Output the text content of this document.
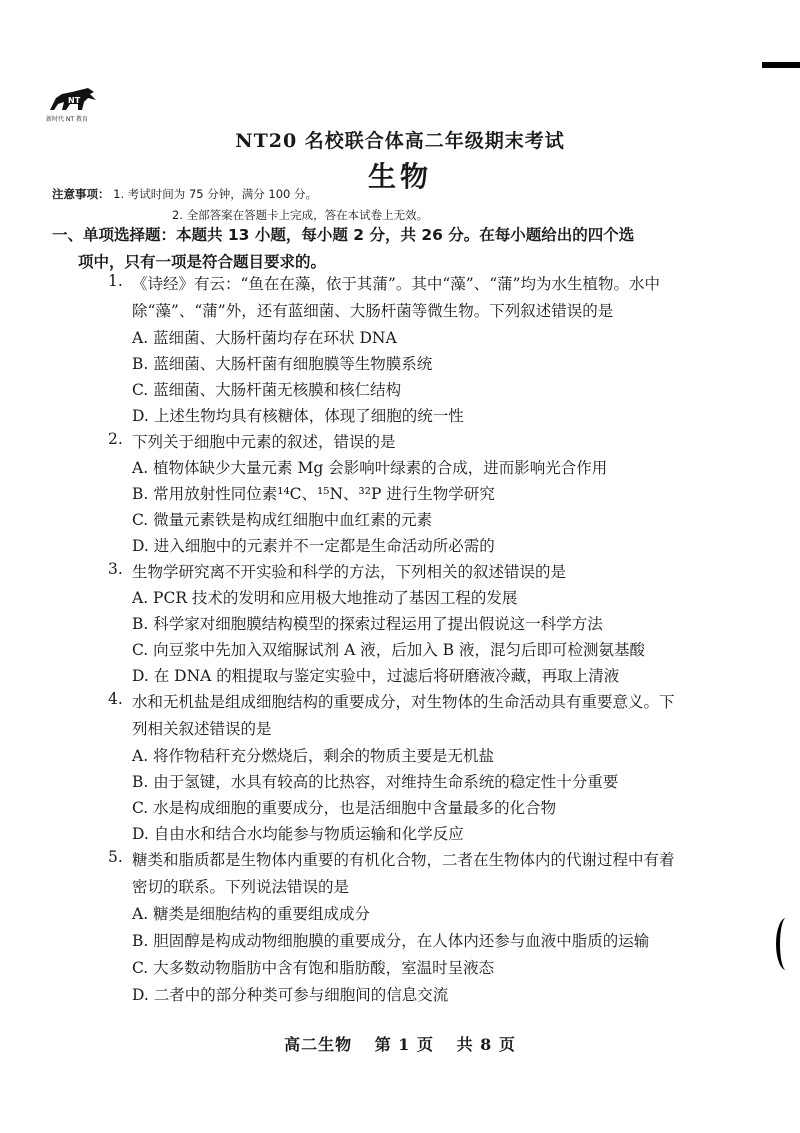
NT
新时代 NT 教育
NT20 名校联合体高二年级期末考试
生物
注意事项： 1. 考试时间为 75 分钟，满分 100 分。
2. 全部答案在答题卡上完成，答在本试卷上无效。
一、单项选择题：本题共 13 小题，每小题 2 分，共 26 分。在每小题给出的四个选
项中，只有一项是符合题目要求的。
1. 《诗经》有云：“鱼在在藻，依于其蒲”。其中“藻”、“蒲”均为水生植物。水中
除“藻”、“蒲”外，还有蓝细菌、大肠杆菌等微生物。下列叙述错误的是
A. 蓝细菌、大肠杆菌均存在环状 DNA
B. 蓝细菌、大肠杆菌有细胞膜等生物膜系统
C. 蓝细菌、大肠杆菌无核膜和核仁结构
D. 上述生物均具有核糖体，体现了细胞的统一性
2. 下列关于细胞中元素的叙述，错误的是
A. 植物体缺少大量元素 Mg 会影响叶绿素的合成，进而影响光合作用
B. 常用放射性同位素¹⁴C、¹⁵N、³²P 进行生物学研究
C. 微量元素铁是构成红细胞中血红素的元素
D. 进入细胞中的元素并不一定都是生命活动所必需的
3. 生物学研究离不开实验和科学的方法，下列相关的叙述错误的是
A. PCR 技术的发明和应用极大地推动了基因工程的发展
B. 科学家对细胞膜结构模型的探索过程运用了提出假说这一科学方法
C. 向豆浆中先加入双缩脲试剂 A 液，后加入 B 液，混匀后即可检测氨基酸
D. 在 DNA 的粗提取与鉴定实验中，过滤后将研磨液冷藏，再取上清液
4. 水和无机盐是组成细胞结构的重要成分，对生物体的生命活动具有重要意义。下
列相关叙述错误的是
A. 将作物秸秆充分燃烧后，剩余的物质主要是无机盐
B. 由于氢键，水具有较高的比热容，对维持生命系统的稳定性十分重要
C. 水是构成细胞的重要成分，也是活细胞中含量最多的化合物
D. 自由水和结合水均能参与物质运输和化学反应
5. 糖类和脂质都是生物体内重要的有机化合物，二者在生物体内的代谢过程中有着
密切的联系。下列说法错误的是
A. 糖类是细胞结构的重要组成成分
B. 胆固醇是构成动物细胞膜的重要成分，在人体内还参与血液中脂质的运输
C. 大多数动物脂肪中含有饱和脂肪酸，室温时呈液态
D. 二者中的部分种类可参与细胞间的信息交流
高二生物 第 1 页 共 8 页
